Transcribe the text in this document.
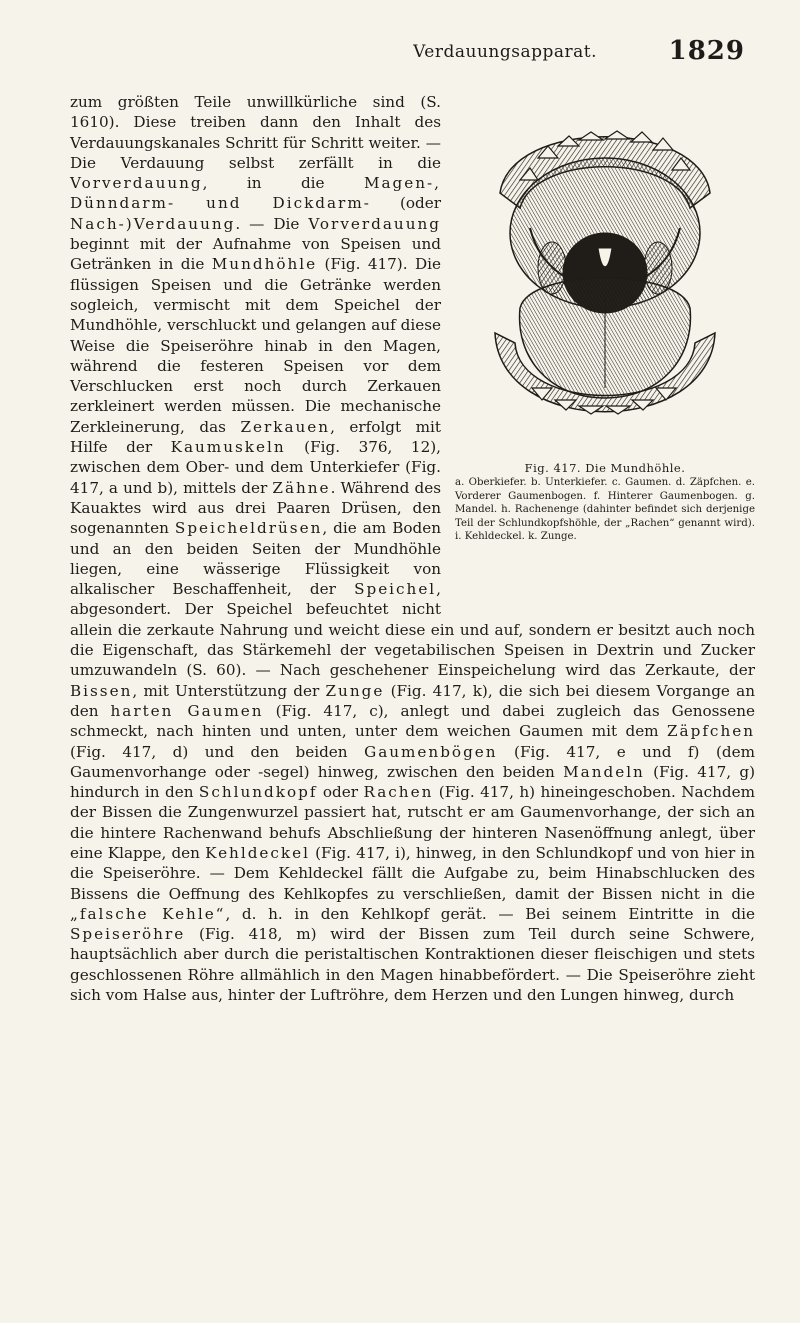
Verdauungsapparat.	1829
Fig. 417. Die Mundhöhle.
a. Oberkiefer. b. Unterkiefer. c. Gaumen. d. Zäpfchen. e. Vorderer Gaumenbogen. f. Hinterer Gaumenbogen. g. Mandel. h. Rachenenge (dahinter befindet sich derjenige Teil der Schlundkopfshöhle, der „Rachen“ genannt wird). i. Kehldeckel. k. Zunge.

zum größten Teile unwillkürliche sind (S. 1610). Diese treiben dann den Inhalt des Verdauungskanales Schritt für Schritt weiter. — Die Verdauung selbst zerfällt in die Vorverdauung, in die Magen-, Dünndarm- und Dickdarm- (oder Nach-)Verdauung. — Die Vorverdauung beginnt mit der Aufnahme von Speisen und Getränken in die Mundhöhle (Fig. 417). Die flüssigen Speisen und die Getränke werden sogleich, vermischt mit dem Speichel der Mundhöhle, verschluckt und gelangen auf diese Weise die Speiseröhre hinab in den Magen, während die festeren Speisen vor dem Verschlucken erst noch durch Zerkauen zerkleinert werden müssen. Die mechanische Zerkleinerung, das Zerkauen, erfolgt mit Hilfe der Kaumuskeln (Fig. 376, 12), zwischen dem Ober- und dem Unterkiefer (Fig. 417, a und b), mittels der Zähne. Während des Kauaktes wird aus drei Paaren Drüsen, den sogenannten Speicheldrüsen, die am Boden und an den beiden Seiten der Mundhöhle liegen, eine wässerige Flüssigkeit von alkalischer Beschaffenheit, der Speichel, abgesondert. Der Speichel befeuchtet nicht allein die zerkaute Nahrung und weicht diese ein und auf, sondern er besitzt auch noch die Eigenschaft, das Stärkemehl der vegetabilischen Speisen in Dextrin und Zucker umzuwandeln (S. 60). — Nach geschehener Einspeichelung wird das Zerkaute, der Bissen, mit Unterstützung der Zunge (Fig. 417, k), die sich bei diesem Vorgange an den harten Gaumen (Fig. 417, c), anlegt und dabei zugleich das Genossene schmeckt, nach hinten und unten, unter dem weichen Gaumen mit dem Zäpfchen (Fig. 417, d) und den beiden Gaumenbögen (Fig. 417, e und f) (dem Gaumenvorhange oder -segel) hinweg, zwischen den beiden Mandeln (Fig. 417, g) hindurch in den Schlundkopf oder Rachen (Fig. 417, h) hineingeschoben. Nachdem der Bissen die Zungenwurzel passiert hat, rutscht er am Gaumenvorhange, der sich an die hintere Rachenwand behufs Abschließung der hinteren Nasenöffnung anlegt, über eine Klappe, den Kehldeckel (Fig. 417, i), hinweg, in den Schlundkopf und von hier in die Speiseröhre. — Dem Kehldeckel fällt die Aufgabe zu, beim Hinabschlucken des Bissens die Oeffnung des Kehlkopfes zu verschließen, damit der Bissen nicht in die „falsche Kehle“, d. h. in den Kehlkopf gerät. — Bei seinem Eintritte in die Speiseröhre (Fig. 418, m) wird der Bissen zum Teil durch seine Schwere, hauptsächlich aber durch die peristaltischen Kontraktionen dieser fleischigen und stets geschlossenen Röhre allmählich in den Magen hinabbefördert. — Die Speiseröhre zieht sich vom Halse aus, hinter der Luftröhre, dem Herzen und den Lungen hinweg, durch
